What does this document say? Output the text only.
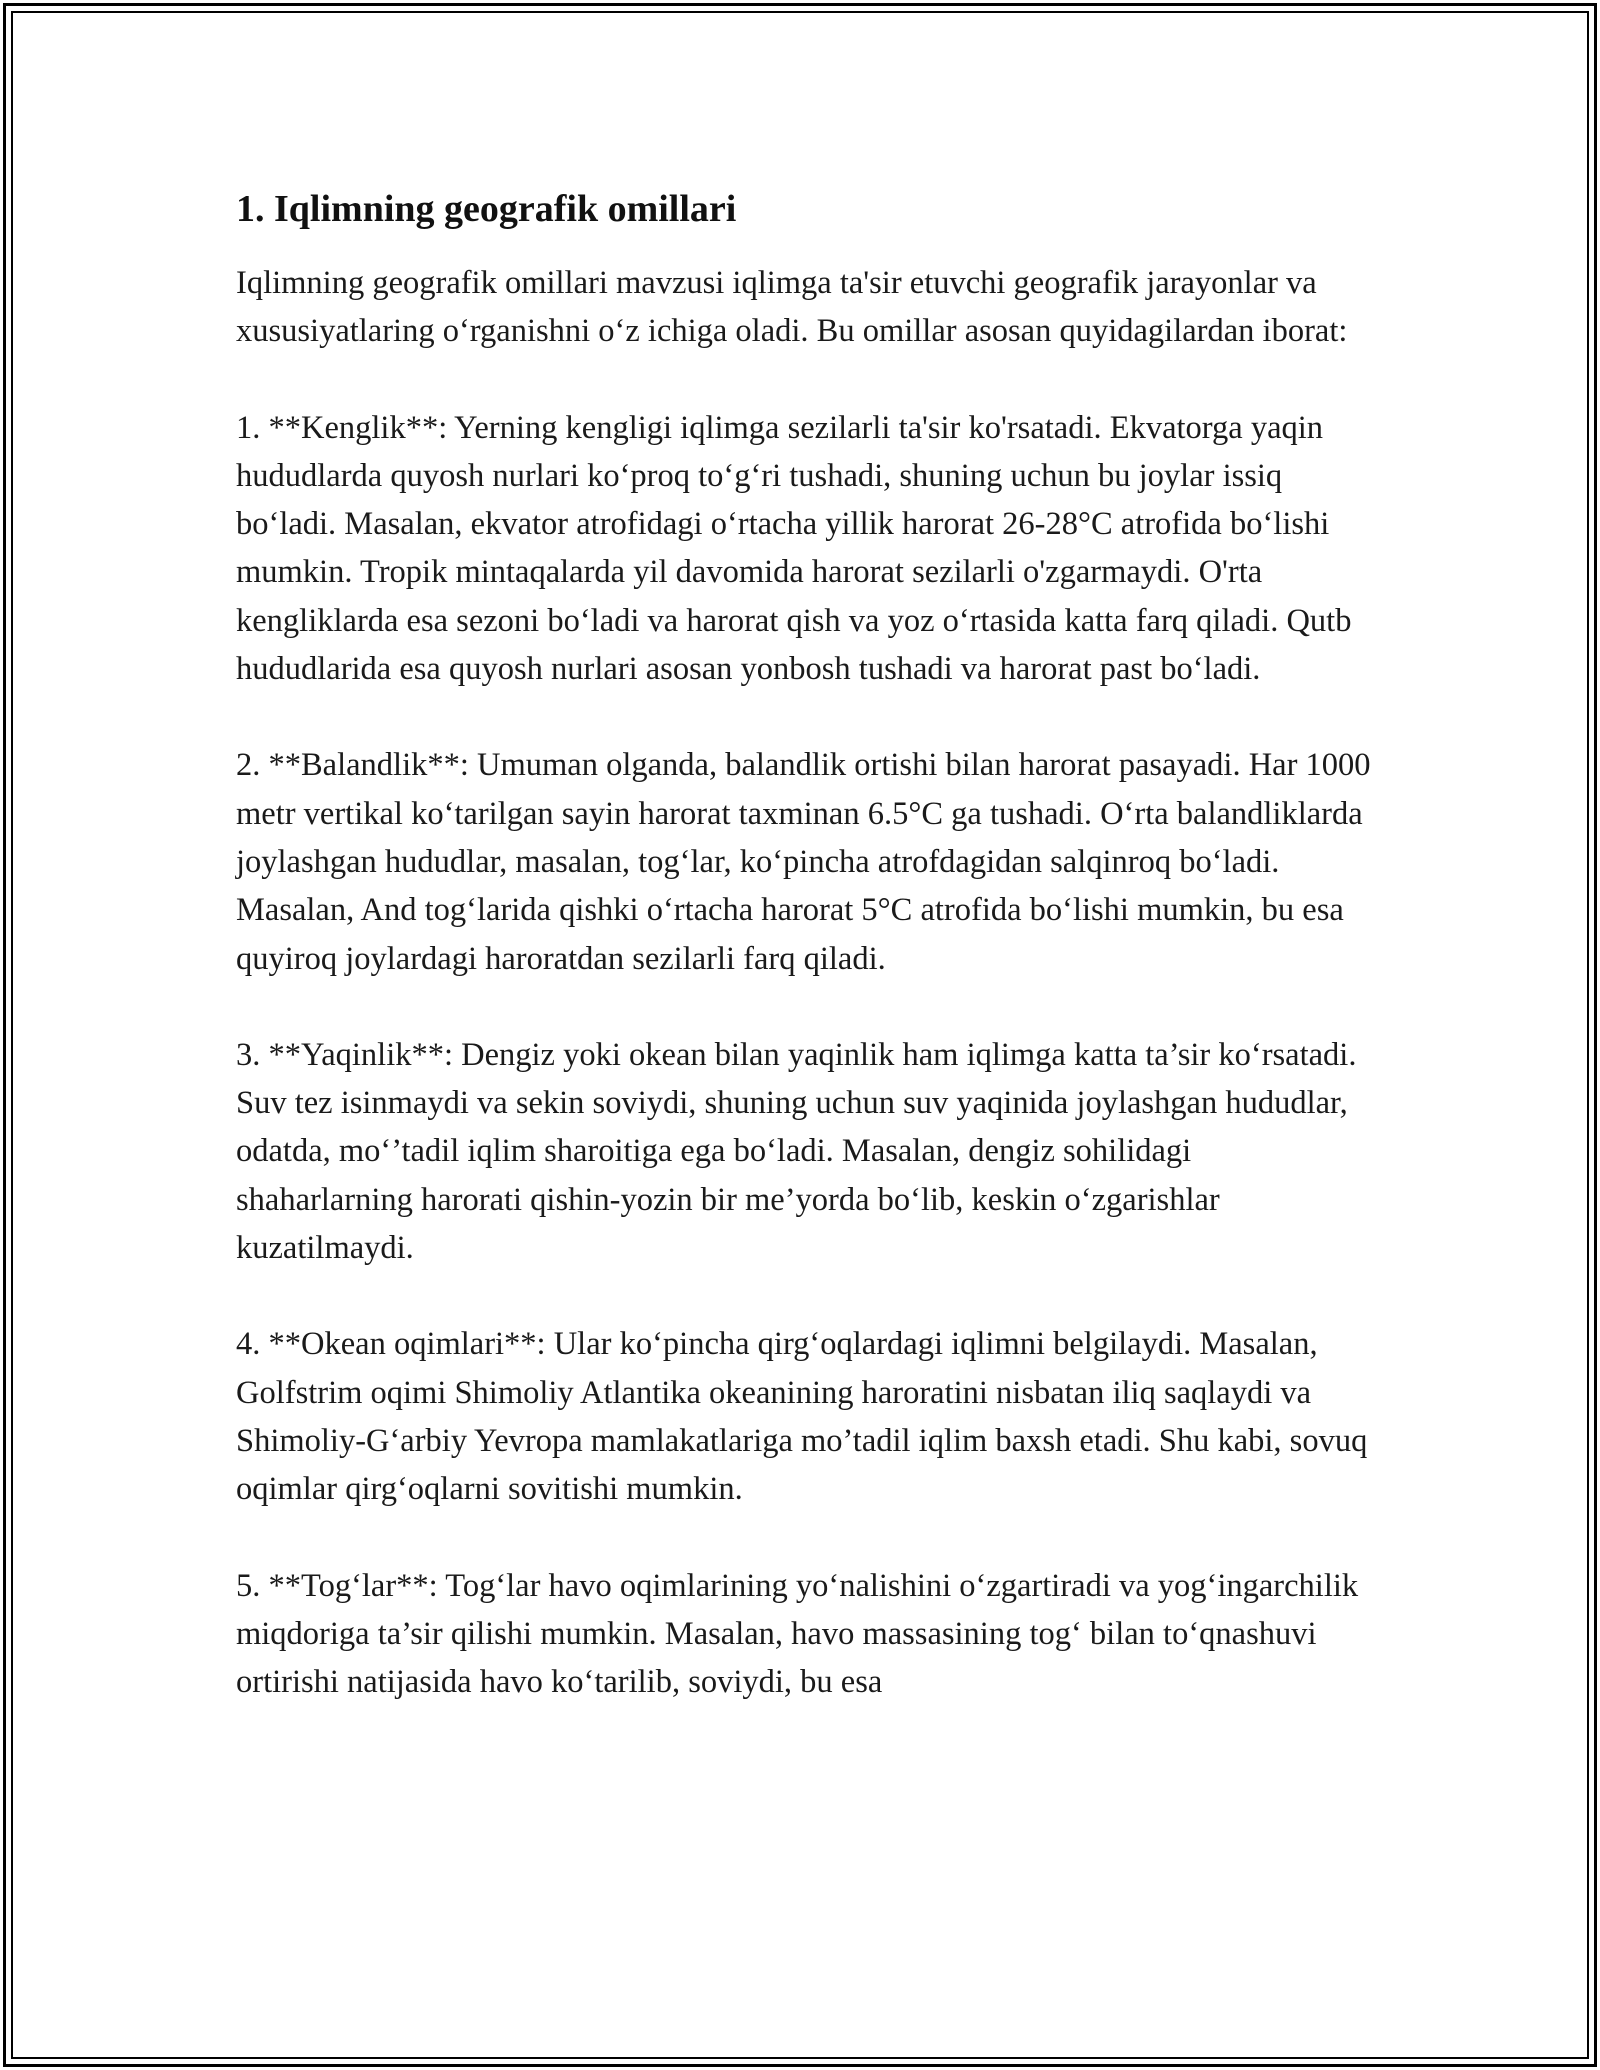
1. Iqlimning geografik omillari

Iqlimning geografik omillari mavzusi iqlimga ta'sir etuvchi geografik jarayonlar va xususiyatlaring oʻrganishni oʻz ichiga oladi. Bu omillar asosan quyidagilardan iborat:

1. **Kenglik**: Yerning kengligi iqlimga sezilarli ta'sir ko'rsatadi. Ekvatorga yaqin hududlarda quyosh nurlari koʻproq toʻgʻri tushadi, shuning uchun bu joylar issiq boʻladi. Masalan, ekvator atrofidagi oʻrtacha yillik harorat 26-28°C atrofida boʻlishi mumkin. Tropik mintaqalarda yil davomida harorat sezilarli o'zgarmaydi. O'rta kengliklarda esa sezoni boʻladi va harorat qish va yoz oʻrtasida katta farq qiladi. Qutb hududlarida esa quyosh nurlari asosan yonbosh tushadi va harorat past boʻladi.

2. **Balandlik**: Umuman olganda, balandlik ortishi bilan harorat pasayadi. Har 1000 metr vertikal koʻtarilgan sayin harorat taxminan 6.5°C ga tushadi. Oʻrta balandliklarda joylashgan hududlar, masalan, togʻlar, koʻpincha atrofdagidan salqinroq boʻladi. Masalan, And togʻlarida qishki oʻrtacha harorat 5°C atrofida boʻlishi mumkin, bu esa quyiroq joylardagi haroratdan sezilarli farq qiladi.

3. **Yaqinlik**: Dengiz yoki okean bilan yaqinlik ham iqlimga katta ta’sir koʻrsatadi. Suv tez isinmaydi va sekin soviydi, shuning uchun suv yaqinida joylashgan hududlar, odatda, moʻ’tadil iqlim sharoitiga ega boʻladi. Masalan, dengiz sohilidagi shaharlarning harorati qishin-yozin bir me’yorda boʻlib, keskin oʻzgarishlar kuzatilmaydi.

4. **Okean oqimlari**: Ular koʻpincha qirgʻoqlardagi iqlimni belgilaydi. Masalan, Golfstrim oqimi Shimoliy Atlantika okeanining haroratini nisbatan iliq saqlaydi va Shimoliy-Gʻarbiy Yevropa mamlakatlariga mo’tadil iqlim baxsh etadi. Shu kabi, sovuq oqimlar qirgʻoqlarni sovitishi mumkin.

5. **Togʻlar**: Togʻlar havo oqimlarining yoʻnalishini oʻzgartiradi va yogʻingarchilik miqdoriga ta’sir qilishi mumkin. Masalan, havo massasining togʻ bilan toʻqnashuvi ortirishi natijasida havo koʻtarilib, soviydi, bu esa
